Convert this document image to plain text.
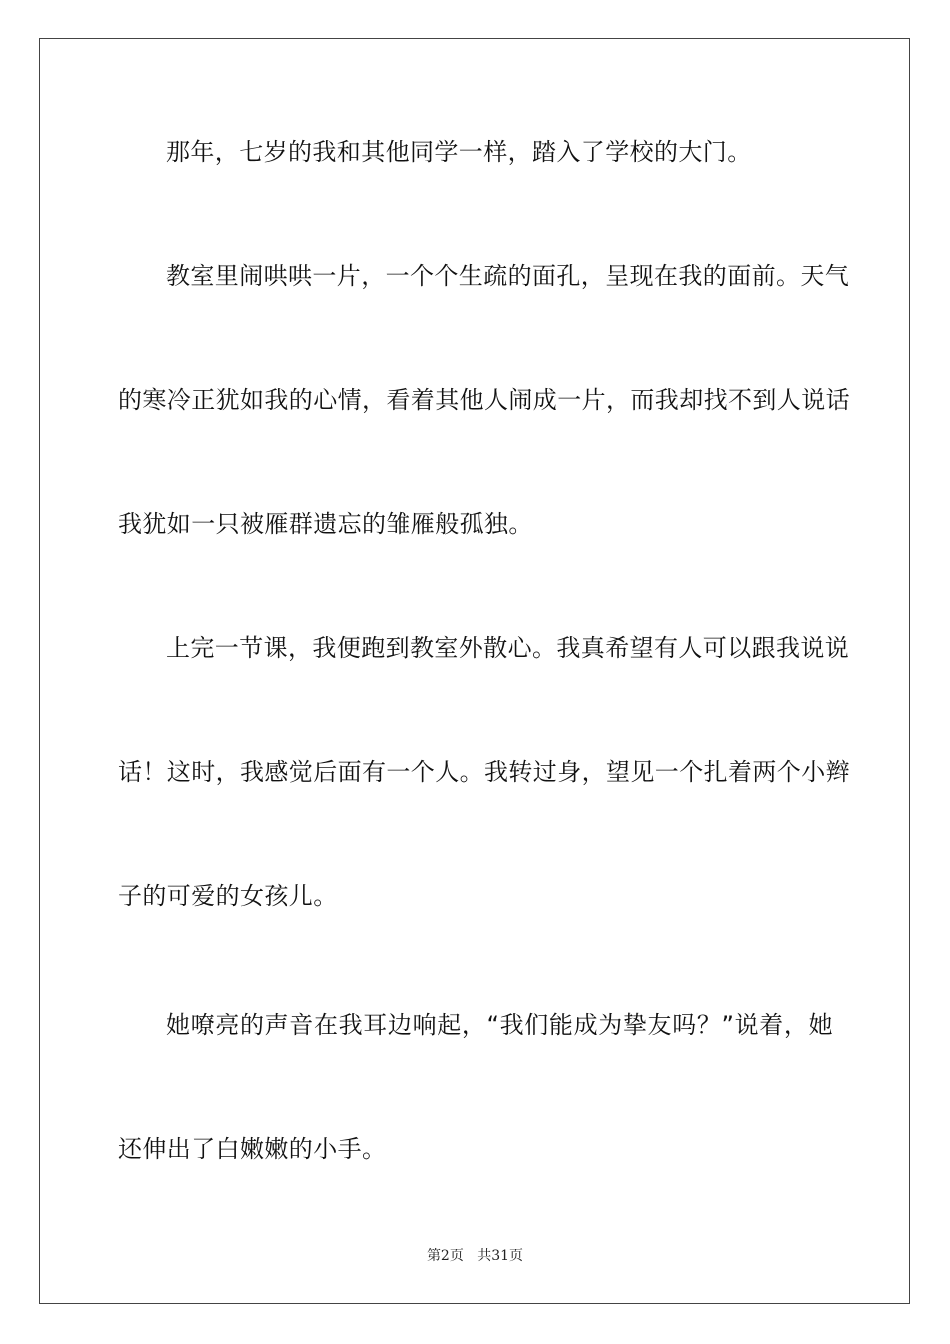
那年，七岁的我和其他同学一样，踏入了学校的大门。
教室里闹哄哄一片，一个个生疏的面孔，呈现在我的面前。天气
的寒冷正犹如我的心情，看着其他人闹成一片，而我却找不到人说话
我犹如一只被雁群遗忘的雏雁般孤独。
上完一节课，我便跑到教室外散心。我真希望有人可以跟我说说
话！这时，我感觉后面有一个人。我转过身，望见一个扎着两个小辫
子的可爱的女孩儿。
她嘹亮的声音在我耳边响起，“我们能成为挚友吗？”说着，她
还伸出了白嫩嫩的小手。
第2页 共31页
